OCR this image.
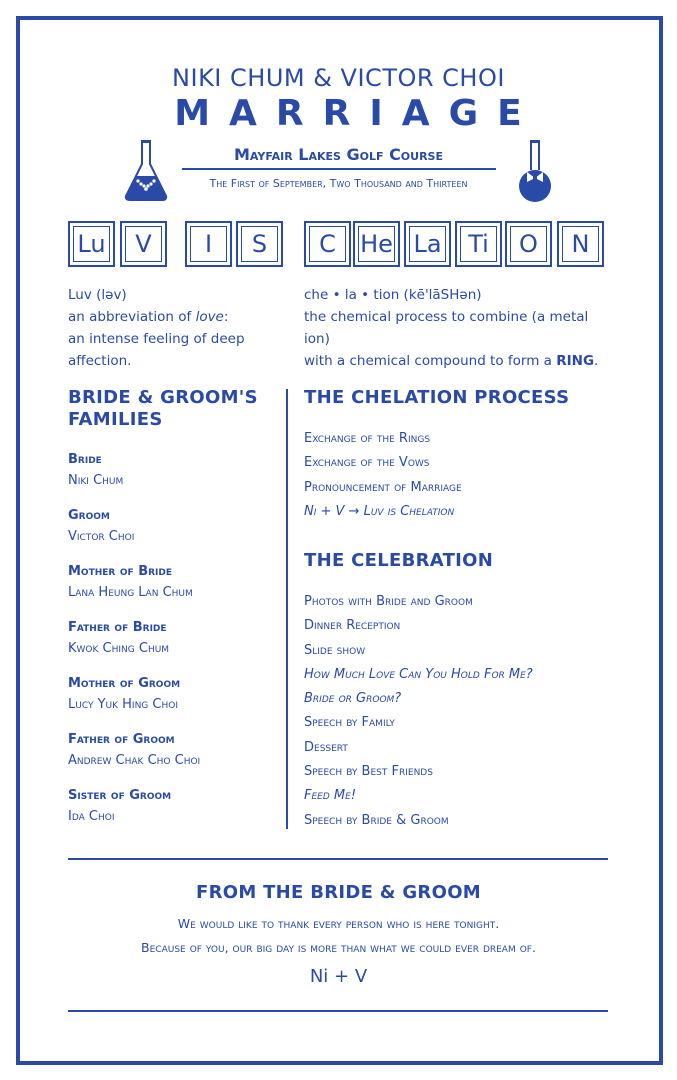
NIKI CHUM & VICTOR CHOI
MARRIAGE
Mayfair Lakes Golf Course
The First of September, Two Thousand and Thirteen
Lu	V	I	S	C	He La	Ti	O	N
Luv (ləv)
an abbreviation of love:
an intense feeling of deep affection.
che • la • tion (kē'lāSHən)
the chemical process to combine (a metal ion)
with a chemical compound to form a RING.
BRIDE & GROOM'S
FAMILIES
Bride
Niki Chum
Groom
Victor Choi
Mother of Bride
Lana Heung Lan Chum
Father of Bride
Kwok Ching Chum
Mother of Groom
Lucy Yuk Hing Choi
Father of Groom
Andrew Chak Cho Choi
Sister of Groom
Ida Choi
THE CHELATION PROCESS
Exchange of the Rings
Exchange of the Vows
Pronouncement of Marriage
Ni + V → Luv is Chelation
THE CELEBRATION
Photos with Bride and Groom
Dinner Reception
Slide show
How Much Love Can You Hold For Me?
Bride or Groom?
Speech by Family
Dessert
Speech by Best Friends
Feed Me!
Speech by Bride & Groom
FROM THE BRIDE & GROOM
We would like to thank every person who is here tonight.
Because of you, our big day is more than what we could ever dream of.
Ni + V
